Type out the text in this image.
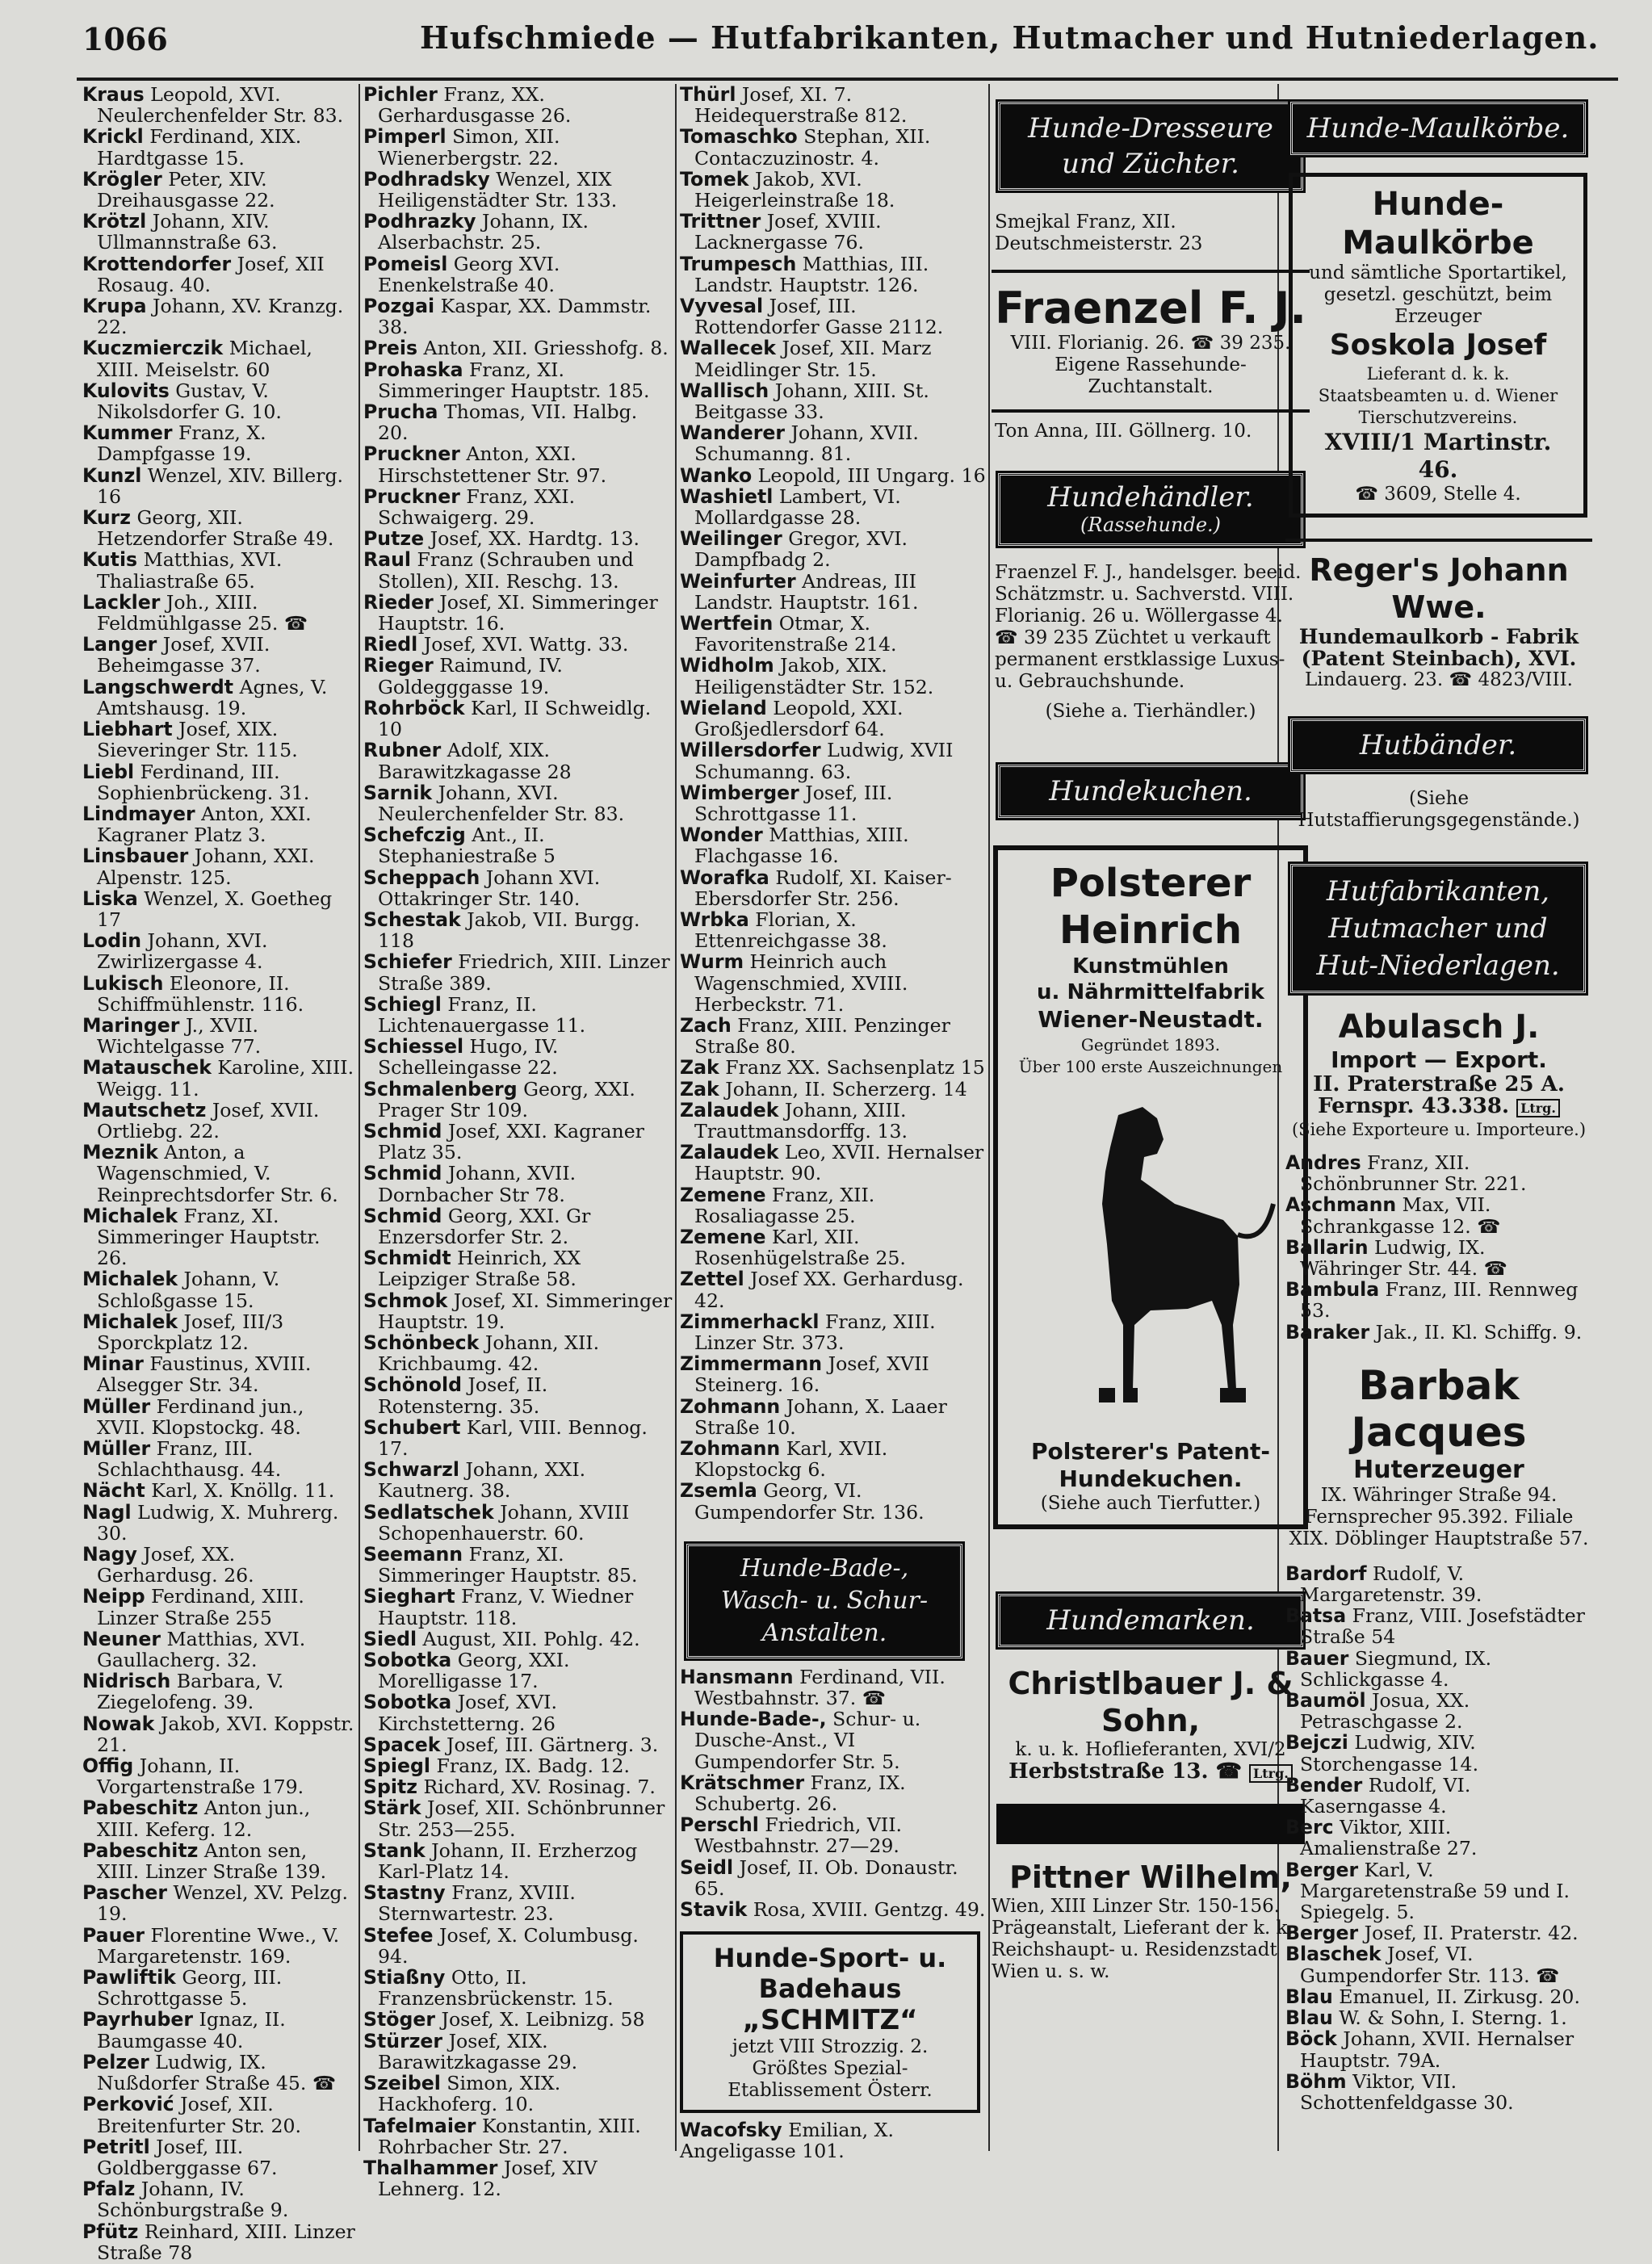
1066	Hufschmiede — Hutfabrikanten, Hutmacher und Hutniederlagen.

Kraus Leopold, XVI. Neulerchenfelder Str. 83.

Krickl Ferdinand, XIX. Hardtgasse 15.

Krögler Peter, XIV. Dreihausgasse 22.

Krötzl Johann, XIV. Ullmannstraße 63.

Krottendorfer Josef, XII Rosaug. 40.

Krupa Johann, XV. Kranzg. 22.

Kuczmierczik Michael, XIII. Meiselstr. 60

Kulovits Gustav, V. Nikolsdorfer G. 10.

Kummer Franz, X. Dampfgasse 19.

Kunzl Wenzel, XIV. Billerg. 16

Kurz Georg, XII. Hetzendorfer Straße 49.

Kutis Matthias, XVI. Thaliastraße 65.

Lackler Joh., XIII. Feldmühlgasse 25. ☎

Langer Josef, XVII. Beheimgasse 37.

Langschwerdt Agnes, V. Amtshausg. 19.

Liebhart Josef, XIX. Sieveringer Str. 115.

Liebl Ferdinand, III. Sophienbrückeng. 31.

Lindmayer Anton, XXI. Kagraner Platz 3.

Linsbauer Johann, XXI. Alpenstr. 125.

Liska Wenzel, X. Goetheg 17

Lodin Johann, XVI. Zwirlizergasse 4.

Lukisch Eleonore, II. Schiffmühlenstr. 116.

Maringer J., XVII. Wichtelgasse 77.

Matauschek Karoline, XIII. Weigg. 11.

Mautschetz Josef, XVII. Ortliebg. 22.

Meznik Anton, a Wagenschmied, V. Reinprechtsdorfer Str. 6.

Michalek Franz, XI. Simmeringer Hauptstr. 26.

Michalek Johann, V. Schloßgasse 15.

Michalek Josef, III/3 Sporckplatz 12.

Minar Faustinus, XVIII. Alsegger Str. 34.

Müller Ferdinand jun., XVII. Klopstockg. 48.

Müller Franz, III. Schlachthausg. 44.

Nächt Karl, X. Knöllg. 11.

Nagl Ludwig, X. Muhrerg. 30.

Nagy Josef, XX. Gerhardusg. 26.

Neipp Ferdinand, XIII. Linzer Straße 255

Neuner Matthias, XVI. Gaullacherg. 32.

Nidrisch Barbara, V. Ziegelofeng. 39.

Nowak Jakob, XVI. Koppstr. 21.

Offig Johann, II. Vorgartenstraße 179.

Pabeschitz Anton jun., XIII. Keferg. 12.

Pabeschitz Anton sen, XIII. Linzer Straße 139.

Pascher Wenzel, XV. Pelzg. 19.

Pauer Florentine Wwe., V. Margaretenstr. 169.

Pawliftik Georg, III. Schrottgasse 5.

Payrhuber Ignaz, II. Baumgasse 40.

Pelzer Ludwig, IX. Nußdorfer Straße 45. ☎

Perković Josef, XII. Breitenfurter Str. 20.

Petritl Josef, III. Goldberggasse 67.

Pfalz Johann, IV. Schönburgstraße 9.

Pfütz Reinhard, XIII. Linzer Straße 78

Pichler Franz, XX. Gerhardusgasse 26.

Pimperl Simon, XII. Wienerbergstr. 22.

Podhradsky Wenzel, XIX Heiligenstädter Str. 133.

Podhrazky Johann, IX. Alserbachstr. 25.

Pomeisl Georg XVI. Enenkelstraße 40.

Pozgai Kaspar, XX. Dammstr. 38.

Preis Anton, XII. Griesshofg. 8.

Prohaska Franz, XI. Simmeringer Hauptstr. 185.

Prucha Thomas, VII. Halbg. 20.

Pruckner Anton, XXI. Hirschstettener Str. 97.

Pruckner Franz, XXI. Schwaigerg. 29.

Putze Josef, XX. Hardtg. 13.

Raul Franz (Schrauben und Stollen), XII. Reschg. 13.

Rieder Josef, XI. Simmeringer Hauptstr. 16.

Riedl Josef, XVI. Wattg. 33.

Rieger Raimund, IV. Goldegggasse 19.

Rohrböck Karl, II Schweidlg. 10

Rubner Adolf, XIX. Barawitzkagasse 28

Sarnik Johann, XVI. Neulerchenfelder Str. 83.

Schefczig Ant., II. Stephaniestraße 5

Scheppach Johann XVI. Ottakringer Str. 140.

Schestak Jakob, VII. Burgg. 118

Schiefer Friedrich, XIII. Linzer Straße 389.

Schiegl Franz, II. Lichtenauergasse 11.

Schiessel Hugo, IV. Schelleingasse 22.

Schmalenberg Georg, XXI. Prager Str 109.

Schmid Josef, XXI. Kagraner Platz 35.

Schmid Johann, XVII. Dornbacher Str 78.

Schmid Georg, XXI. Gr Enzersdorfer Str. 2.

Schmidt Heinrich, XX Leipziger Straße 58.

Schmok Josef, XI. Simmeringer Hauptstr. 19.

Schönbeck Johann, XII. Krichbaumg. 42.

Schönold Josef, II. Rotensterng. 35.

Schubert Karl, VIII. Bennog. 17.

Schwarzl Johann, XXI. Kautnerg. 38.

Sedlatschek Johann, XVIII Schopenhauerstr. 60.

Seemann Franz, XI. Simmeringer Hauptstr. 85.

Sieghart Franz, V. Wiedner Hauptstr. 118.

Siedl August, XII. Pohlg. 42.

Sobotka Georg, XXI. Morelligasse 17.

Sobotka Josef, XVI. Kirchstetterng. 26

Spacek Josef, III. Gärtnerg. 3.

Spiegl Franz, IX. Badg. 12.

Spitz Richard, XV. Rosinag. 7.

Stärk Josef, XII. Schönbrunner Str. 253—255.

Stank Johann, II. Erzherzog Karl-Platz 14.

Stastny Franz, XVIII. Sternwartestr. 23.

Stefee Josef, X. Columbusg. 94.

Stiaßny Otto, II. Franzensbrückenstr. 15.

Stöger Josef, X. Leibnizg. 58

Stürzer Josef, XIX. Barawitzkagasse 29.

Szeibel Simon, XIX. Hackhoferg. 10.

Tafelmaier Konstantin, XIII. Rohrbacher Str. 27.

Thalhammer Josef, XIV Lehnerg. 12.

Thürl Josef, XI. 7. Heidequerstraße 812.

Tomaschko Stephan, XII. Contaczuzinostr. 4.

Tomek Jakob, XVI. Heigerleinstraße 18.

Trittner Josef, XVIII. Lacknergasse 76.

Trumpesch Matthias, III. Landstr. Hauptstr. 126.

Vyvesal Josef, III. Rottendorfer Gasse 2112.

Wallecek Josef, XII. Marz Meidlinger Str. 15.

Wallisch Johann, XIII. St. Beitgasse 33.

Wanderer Johann, XVII. Schumanng. 81.

Wanko Leopold, III Ungarg. 16

Washietl Lambert, VI. Mollardgasse 28.

Weilinger Gregor, XVI. Dampfbadg 2.

Weinfurter Andreas, III Landstr. Hauptstr. 161.

Wertfein Otmar, X. Favoritenstraße 214.

Widholm Jakob, XIX. Heiligenstädter Str. 152.

Wieland Leopold, XXI. Großjedlersdorf 64.

Willersdorfer Ludwig, XVII Schumanng. 63.

Wimberger Josef, III. Schrottgasse 11.

Wonder Matthias, XIII. Flachgasse 16.

Worafka Rudolf, XI. Kaiser-Ebersdorfer Str. 256.

Wrbka Florian, X. Ettenreichgasse 38.

Wurm Heinrich auch Wagenschmied, XVIII. Herbeckstr. 71.

Zach Franz, XIII. Penzinger Straße 80.

Zak Franz XX. Sachsenplatz 15

Zak Johann, II. Scherzerg. 14

Zalaudek Johann, XIII. Trauttmansdorffg. 13.

Zalaudek Leo, XVII. Hernalser Hauptstr. 90.

Zemene Franz, XII. Rosaliagasse 25.

Zemene Karl, XII. Rosenhügelstraße 25.

Zettel Josef XX. Gerhardusg. 42.

Zimmerhackl Franz, XIII. Linzer Str. 373.

Zimmermann Josef, XVII Steinerg. 16.

Zohmann Johann, X. Laaer Straße 10.

Zohmann Karl, XVII. Klopstockg 6.

Zsemla Georg, VI. Gumpendorfer Str. 136.

Hunde-Bade-, Wasch- u. Schur-Anstalten.

Hansmann Ferdinand, VII. Westbahnstr. 37. ☎

Hunde-Bade-, Schur- u. Dusche-Anst., VI Gumpendorfer Str. 5.

Krätschmer Franz, IX. Schubertg. 26.

Perschl Friedrich, VII. Westbahnstr. 27—29.

Seidl Josef, II. Ob. Donaustr. 65.

Stavik Rosa, XVIII. Gentzg. 49.

Hunde-Sport- u. Badehaus
„SCHMITZ“
jetzt VIII Strozzig. 2. Größtes Spezial-Etablissement Österr.

Wacofsky Emilian, X. Angeligasse 101.

Hunde-Dresseure und Züchter.
Smejkal Franz, XII. Deutschmeisterstr. 23
Fraenzel F. J.
VIII. Florianig. 26. ☎ 39 235. Eigene Rassehunde-Zuchtanstalt.
Ton Anna, III. Göllnerg. 10.
Hundehändler.
(Rassehunde.)
Fraenzel F. J., handelsger. beeid. Schätzmstr. u. Sachverstd. VIII. Florianig. 26 u. Wöllergasse 4. ☎ 39 235 Züchtet u verkauft permanent erstklassige Luxus- u. Gebrauchshunde.
(Siehe a. Tierhändler.)
Hundekuchen.
Polsterer Heinrich
Kunstmühlen
u. Nährmittelfabrik
Wiener-Neustadt.
Gegründet 1893.
Über 100 erste Auszeichnungen
Polsterer's Patent-
Hundekuchen.
(Siehe auch Tierfutter.)
Hundemarken.
Christlbauer J. & Sohn,
k. u. k. Hoflieferanten, XVI/2
Herbststraße 13. ☎ Ltrg.
Pittner Wilhelm,
Wien, XIII Linzer Str. 150-156. Prägeanstalt, Lieferant der k. k. Reichshaupt- u. Residenzstadt Wien u. s. w.
Hunde-Maulkörbe.
Hunde-Maulkörbe
und sämtliche Sportartikel, gesetzl. geschützt, beim Erzeuger
Soskola Josef
Lieferant d. k. k. Staatsbeamten u. d. Wiener Tierschutzvereins.
XVIII/1 Martinstr. 46.
☎ 3609, Stelle 4.
Reger's Johann Wwe.
Hundemaulkorb - Fabrik
(Patent Steinbach), XVI.
Lindauerg. 23. ☎ 4823/VIII.
Hutbänder.
(Siehe Hutstaffierungsgegenstände.)
Hutfabrikanten, Hutmacher und Hut-Niederlagen.
Abulasch J.
Import — Export.
II. Praterstraße 25 A.
Fernspr. 43.338. Ltrg.
(Siehe Exporteure u. Importeure.)

Andres Franz, XII. Schönbrunner Str. 221.

Aschmann Max, VII. Schrankgasse 12. ☎

Ballarin Ludwig, IX. Währinger Str. 44. ☎

Bambula Franz, III. Rennweg 53.

Baraker Jak., II. Kl. Schiffg. 9.

Barbak Jacques
Huterzeuger
IX. Währinger Straße 94. Fernsprecher 95.392. Filiale XIX. Döblinger Hauptstraße 57.

Bardorf Rudolf, V. Margaretenstr. 39.

Batsa Franz, VIII. Josefstädter Straße 54

Bauer Siegmund, IX. Schlickgasse 4.

Baumöl Josua, XX. Petraschgasse 2.

Bejczi Ludwig, XIV. Storchengasse 14.

Bender Rudolf, VI. Kaserngasse 4.

Berc Viktor, XIII. Amalienstraße 27.

Berger Karl, V. Margaretenstraße 59 und I. Spiegelg. 5.

Berger Josef, II. Praterstr. 42.

Blaschek Josef, VI. Gumpendorfer Str. 113. ☎

Blau Emanuel, II. Zirkusg. 20.

Blau W. & Sohn, I. Sterng. 1.

Böck Johann, XVII. Hernalser Hauptstr. 79A.

Böhm Viktor, VII. Schottenfeldgasse 30.
